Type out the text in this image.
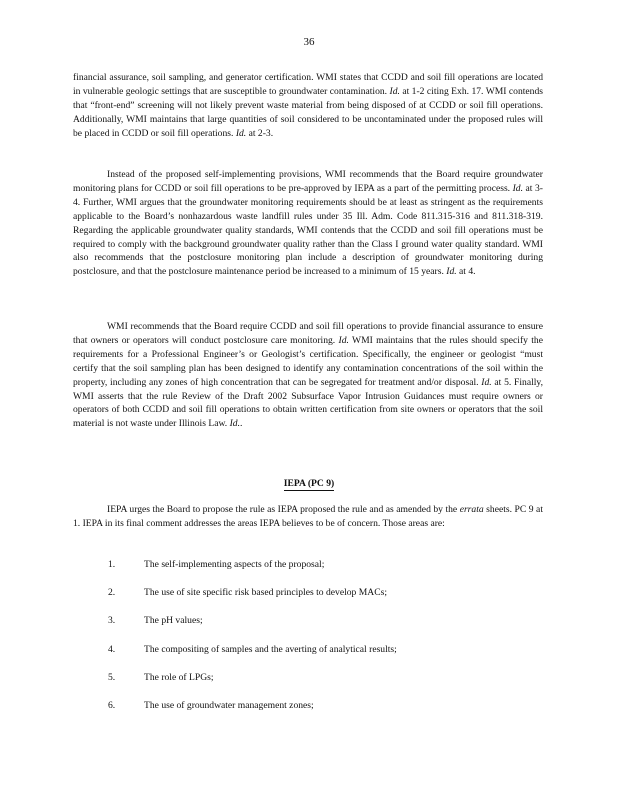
36

financial assurance, soil sampling, and generator certification. WMI states that CCDD and soil fill operations are located in vulnerable geologic settings that are susceptible to groundwater contamination. Id. at 1-2 citing Exh. 17. WMI contends that “front-end” screening will not likely prevent waste material from being disposed of at CCDD or soil fill operations. Additionally, WMI maintains that large quantities of soil considered to be uncontaminated under the proposed rules will be placed in CCDD or soil fill operations. Id. at 2-3.

Instead of the proposed self-implementing provisions, WMI recommends that the Board require groundwater monitoring plans for CCDD or soil fill operations to be pre-approved by IEPA as a part of the permitting process. Id. at 3-4. Further, WMI argues that the groundwater monitoring requirements should be at least as stringent as the requirements applicable to the Board’s nonhazardous waste landfill rules under 35 Ill. Adm. Code 811.315-316 and 811.318-319. Regarding the applicable groundwater quality standards, WMI contends that the CCDD and soil fill operations must be required to comply with the background groundwater quality rather than the Class I ground water quality standard. WMI also recommends that the postclosure monitoring plan include a description of groundwater monitoring during postclosure, and that the postclosure maintenance period be increased to a minimum of 15 years. Id. at 4.

WMI recommends that the Board require CCDD and soil fill operations to provide financial assurance to ensure that owners or operators will conduct postclosure care monitoring. Id. WMI maintains that the rules should specify the requirements for a Professional Engineer’s or Geologist’s certification. Specifically, the engineer or geologist “must certify that the soil sampling plan has been designed to identify any contamination concentrations of the soil within the property, including any zones of high concentration that can be segregated for treatment and/or disposal. Id. at 5. Finally, WMI asserts that the rule Review of the Draft 2002 Subsurface Vapor Intrusion Guidances must require owners or operators of both CCDD and soil fill operations to obtain written certification from site owners or operators that the soil material is not waste under Illinois Law. Id..

IEPA (PC 9)

IEPA urges the Board to propose the rule as IEPA proposed the rule and as amended by the errata sheets. PC 9 at 1. IEPA in its final comment addresses the areas IEPA believes to be of concern. Those areas are:

1.	The self-implementing aspects of the proposal;
2.	The use of site specific risk based principles to develop MACs;
3.	The pH values;
4.	The compositing of samples and the averting of analytical results;
5.	The role of LPGs;
6.	The use of groundwater management zones;
